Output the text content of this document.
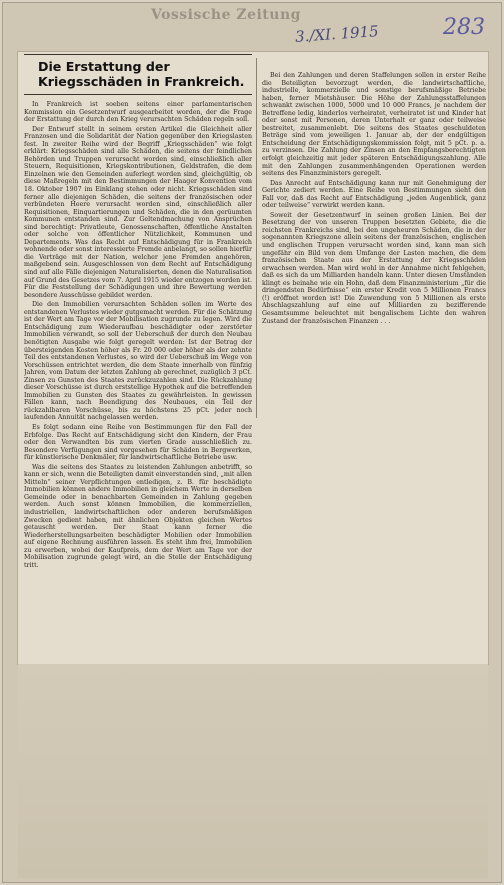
Vossische Zeitung
3./XI. 1915	283
Die Erstattung der Kriegsschäden in Frankreich.

In Frankreich ist soeben seitens einer parlamentarischen Kommission ein Gesetzentwurf ausgearbeitet worden, der die Frage der Erstattung der durch den Krieg verursachten Schäden regeln soll.

Der Entwurf stellt in seinem ersten Artikel die Gleichheit aller Franzosen und die Solidarität der Nation gegenüber den Kriegslasten fest. In zweiter Reihe wird der Begriff „Kriegsschäden“ wie folgt erklärt: Kriegsschäden sind alle Schäden, die seitens der feindlichen Behörden und Truppen verursacht worden sind, einschließlich aller Steuern, Requisitionen, Kriegskontributionen, Geldstrafen, die dem Einzelnen wie den Gemeinden auferlegt worden sind, gleichgültig, ob diese Maßregeln mit den Bestimmungen der Haager Konvention vom 18. Oktober 1907 im Einklang stehen oder nicht. Kriegsschäden sind ferner alle diejenigen Schäden, die seitens der französischen oder verbündeten Heere verursacht worden sind, einschließlich aller Requisitionen, Einquartierungen und Schäden, die in den gerüumten Kommunen entstanden sind. Zur Geltendmachung von Ansprüchen sind berechtigt: Privatleute, Genossenschaften, öffentliche Anstalten oder solche von öffentlicher Nützlichkeit, Kommunen und Departements. Was das Recht auf Entschädigung für in Frankreich wohnende oder sonst interessierte Fremde anbelangt, so sollen hierfür die Verträge mit der Nation, welcher jene Fremden angehören, maßgebend sein. Ausgeschlossen von dem Recht auf Entschädigung sind auf alle Fälle diejenigen Naturalisierten, denen die Naturalisation auf Grund des Gesetzes vom 7. April 1915 wieder entzogen worden ist. Für die Feststellung der Schädigungen und ihre Bewertung werden besondere Ausschüsse gebildet werden.

Die den Immobilien verursachten Schäden sollen im Werte des entstandenen Verlustes wieder gutgemacht werden. Für die Schätzung ist der Wert am Tage vor der Mobilisation zugrunde zu legen. Wird die Entschädigung zum Wiederaufbau beschädigter oder zerstörter Immobilien verwandt, so soll der Ueberschuß der durch den Neubau benötigten Ausgabe wie folgt geregelt werden: Ist der Betrag der übersteigenden Kosten höher als Fr. 20 000 oder höher als der zehnte Teil des entstandenen Verlustes, so wird der Ueberschuß im Wege von Vorschüssen entrichtet werden, die dem Staate innerhalb von fünfzig Jahren, vom Datum der letzten Zahlung ab gerechnet, zuzüglich 3 pCt. Zinsen zu Gunsten des Staates zurückzuzahlen sind. Die Rückzahlung dieser Vorschüsse ist durch erststellige Hypothek auf die betreffenden Immobilien zu Gunsten des Staates zu gewährleisten. In gewissen Fällen kann, nach Beendigung des Neubaues, ein Teil der rückzahlbaren Vorschüsse, bis zu höchstens 25 pCt. jeder noch laufenden Annuität nachgelassen werden.

Es folgt sodann eine Reihe von Bestimmungen für den Fall der Erbfolge. Das Recht auf Entschädigung sicht den Kindern, der Frau oder den Verwandten bis zum vierten Grade ausschließlich zu. Besondere Verfügungen sind vorgesehen für Schäden in Bergwerken, für künstlerische Denkmäler, für landwirtschaftliche Betriebe usw.

Was die seitens des Staates zu leistenden Zahlungen anbetrifft, so kann er sich, wenn die Beteiligten damit einverstanden sind, „mit allen Mitteln“ seiner Verpflichtungen entledigen, z. B. für beschädigte Immobilien können andere Immobilien in gleichem Werte in derselben Gemeinde oder in benachbarten Gemeinden in Zahlung gegeben werden. Auch sonst können Immobilien, die kommerziellen, industriellen, landwirtschaftlichen oder anderen berufsmäßigen Zwecken gedient haben, mit ähnlichen Objekten gleichen Wertes getauscht werden. Der Staat kann ferner die Wiederherstellungsarbeiten beschädigter Mobilien oder Immobilien auf eigene Rechnung ausführen lassen. Es steht ihm frei, Immobilien zu erwerben, wobei der Kaufpreis, dem der Wert am Tage vor der Mobilisation zugrunde gelegt wird, an die Stelle der Entschädigung tritt.

Bei den Zahlungen und deren Staffelungen sollen in erster Reihe die Beteiligten bevorzugt werden, die landwirtschaftliche, industrielle, kommerzielle und sonstige berufsmäßige Betriebe haben, ferner Mietshäuser. Die Höhe der Zahlungsstaffelungen schwankt zwischen 1000, 5000 und 10 000 Francs, je nachdem der Betreffene ledig, kinderlos verheiratet, verheiratet ist und Kinder hat oder sonst mit Personen, deren Unterhalt er ganz oder teilweise bestreitet, zusammenlebt. Die seitens des Staates geschuldeten Beträge sind vom jeweiligen 1. Januar ab, der der endgültigen Entscheidung der Entschädigungskommission folgt, mit 5 pCt. p. a. zu verzinsen. Die Zahlung der Zinsen an den Empfangsberechtigten erfolgt gleichzeitig mit jeder späteren Entschädigungszahlung. Alle mit den Zahlungen zusammenhängenden Operationen werden seitens des Finanzministers geregelt.

Das Anrecht auf Entschädigung kann nur mit Genehmigung der Gerichte zediert werden. Eine Reihe von Bestimmungen sieht den Fall vor, daß das Recht auf Entschädigung „jeden Augenblick, ganz oder teilweise“ verwirkt werden kann.

Soweit der Gesetzentwurf in seinen großen Linien. Bei der Besetzung der von unseren Truppen besetzten Gebiete, die die reichsten Frankreichs sind, bei den ungeheuren Schäden, die in der sogenannten Kriegszone allein seitens der französischen, englischen und englischen Truppen verursacht worden sind, kann man sich ungefähr ein Bild von dem Umfange der Lasten machen, die dem französischen Staate aus der Erstattung der Kriegsschäden erwachsen werden. Man wird wohl in der Annahme nicht fehlgehen, daß es sich da um Milliarden handeln kann. Unter diesen Umständen klingt es beinahe wie ein Hohn, daß dem Finanzministerium „für die dringendsten Bedürfnisse“ ein erster Kredit von 5 Millionen Francs (!) eröffnet worden ist! Die Zuwendung von 5 Millionen als erste Abschlagszahlung auf eine auf Milliarden zu bezifferende Gesamtsumme beleuchtet mit bengalischem Lichte den wahren Zustand der französischen Finanzen . . .
